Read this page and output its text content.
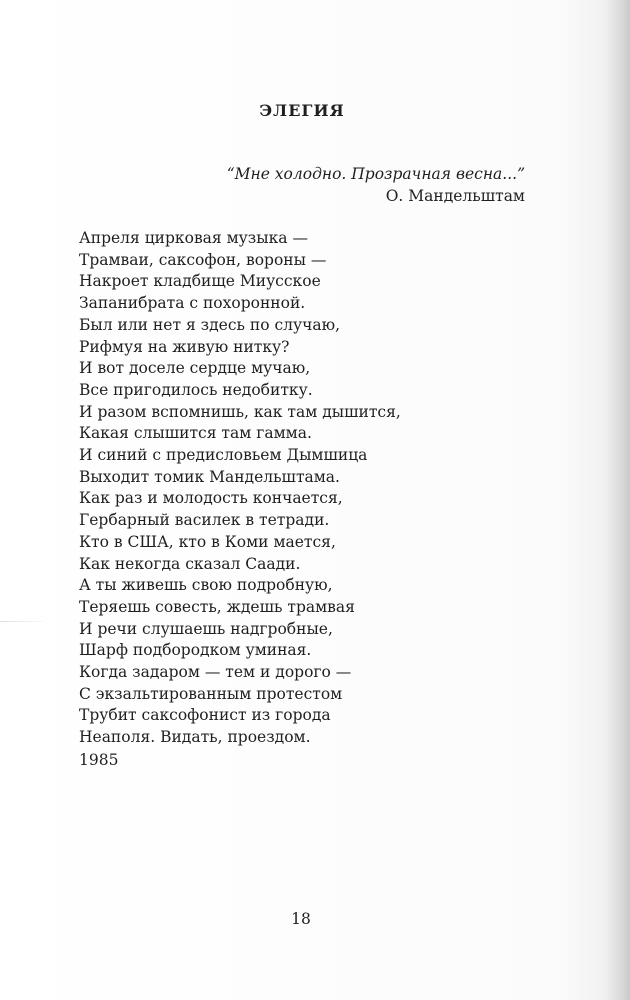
ЭЛЕГИЯ
“Мне холодно. Прозрачная весна...”
О. Мандельштам
Апреля цирковая музыка —
Трамваи, саксофон, вороны —
Накроет кладбище Миусское
Запанибрата с похоронной.
Был или нет я здесь по случаю,
Рифмуя на живую нитку?
И вот доселе сердце мучаю,
Все пригодилось недобитку.
И разом вспомнишь, как там дышится,
Какая слышится там гамма.
И синий с предисловьем Дымшица
Выходит томик Мандельштама.
Как раз и молодость кончается,
Гербарный василек в тетради.
Кто в США, кто в Коми мается,
Как некогда сказал Саади.
А ты живешь свою подробную,
Теряешь совесть, ждешь трамвая
И речи слушаешь надгробные,
Шарф подбородком уминая.
Когда задаром — тем и дорого —
С экзальтированным протестом
Трубит саксофонист из города
Неаполя. Видать, проездом.
1985
18
